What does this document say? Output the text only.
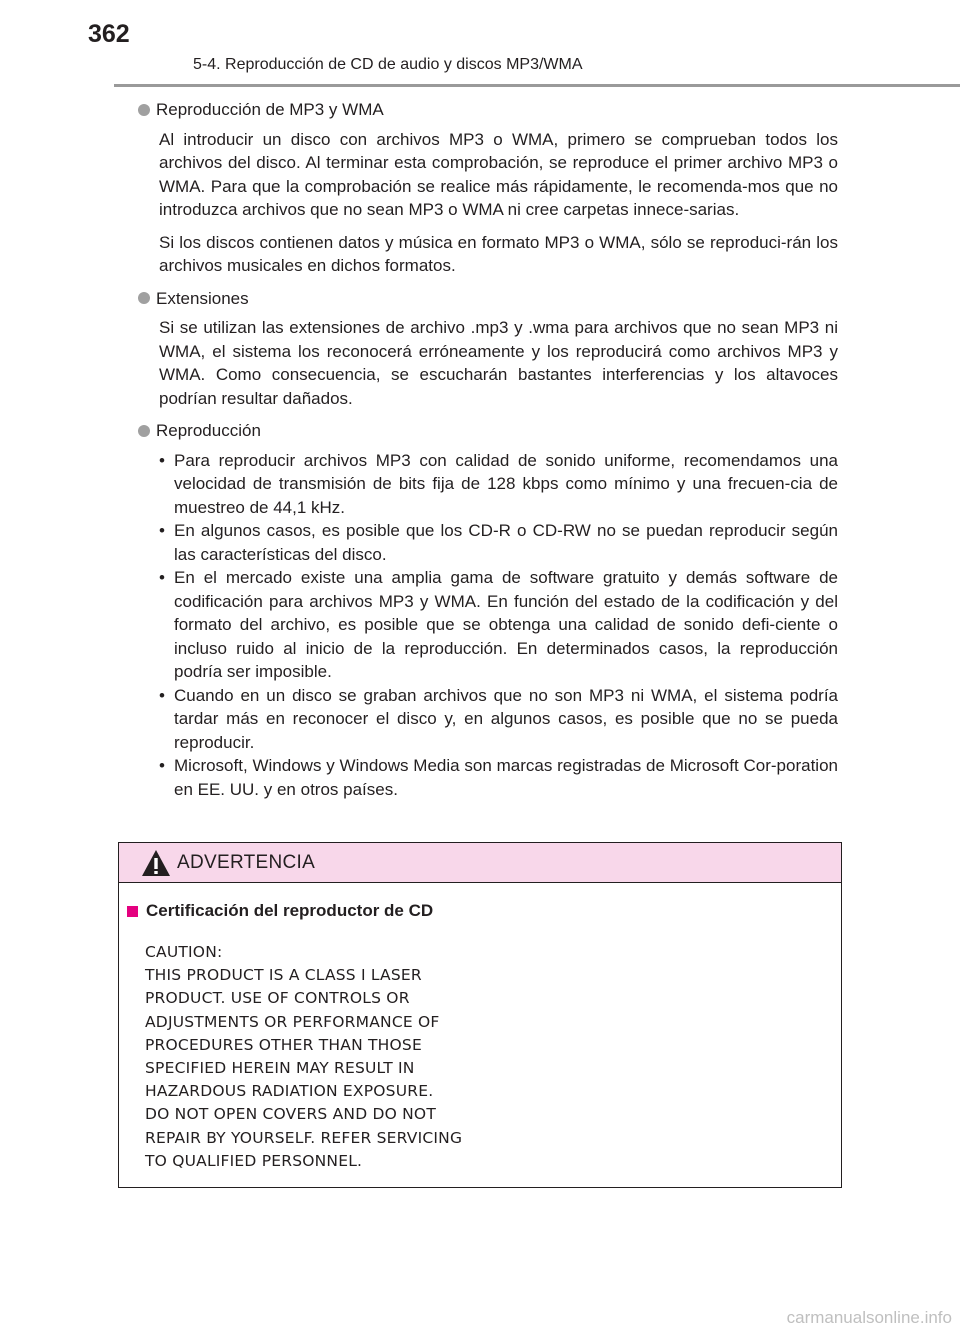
362
5-4. Reproducción de CD de audio y discos MP3/WMA
Reproducción de MP3 y WMA

Al introducir un disco con archivos MP3 o WMA, primero se comprueban todos los archivos del disco. Al terminar esta comprobación, se reproduce el primer archivo MP3 o WMA. Para que la comprobación se realice más rápidamente, le recomenda-mos que no introduzca archivos que no sean MP3 o WMA ni cree carpetas innece-sarias.

Si los discos contienen datos y música en formato MP3 o WMA, sólo se reproduci-rán los archivos musicales en dichos formatos.

Extensiones

Si se utilizan las extensiones de archivo .mp3 y .wma para archivos que no sean MP3 ni WMA, el sistema los reconocerá erróneamente y los reproducirá como archivos MP3 y WMA. Como consecuencia, se escucharán bastantes interferencias y los altavoces podrían resultar dañados.

Reproducción
• Para reproducir archivos MP3 con calidad de sonido uniforme, recomendamos una velocidad de transmisión de bits fija de 128 kbps como mínimo y una frecuen-cia de muestreo de 44,1 kHz.
• En algunos casos, es posible que los CD-R o CD-RW no se puedan reproducir según las características del disco.
• En el mercado existe una amplia gama de software gratuito y demás software de codificación para archivos MP3 y WMA. En función del estado de la codificación y del formato del archivo, es posible que se obtenga una calidad de sonido defi-ciente o incluso ruido al inicio de la reproducción. En determinados casos, la reproducción podría ser imposible.
• Cuando en un disco se graban archivos que no son MP3 ni WMA, el sistema podría tardar más en reconocer el disco y, en algunos casos, es posible que no se pueda reproducir.
• Microsoft, Windows y Windows Media son marcas registradas de Microsoft Cor-poration en EE. UU. y en otros países.
ADVERTENCIA
Certificación del reproductor de CD
CAUTION:
THIS PRODUCT IS A CLASS Ⅰ LASER
PRODUCT. USE OF CONTROLS OR
ADJUSTMENTS OR PERFORMANCE OF
PROCEDURES OTHER THAN THOSE
SPECIFIED HEREIN MAY RESULT IN
HAZARDOUS RADIATION EXPOSURE.
DO NOT OPEN COVERS AND DO NOT
REPAIR BY YOURSELF. REFER SERVICING
TO QUALIFIED PERSONNEL.
carmanualsonline.info
